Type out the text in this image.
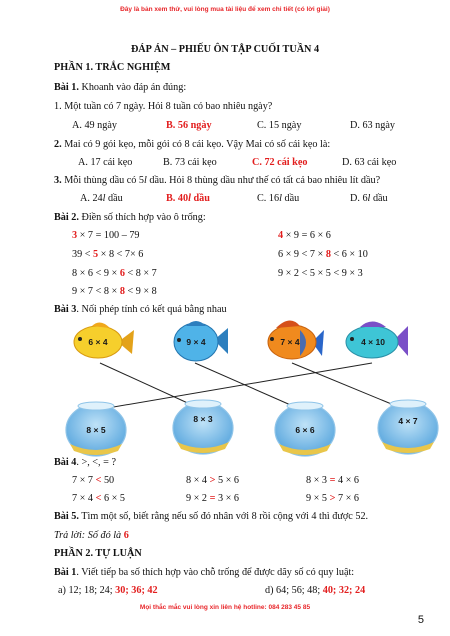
Đây là bản xem thử, vui lòng mua tài liệu để xem chi tiết (có lời giải)
ĐÁP ÁN – PHIẾU ÔN TẬP CUỐI TUẦN 4
PHẦN 1. TRẮC NGHIỆM
Bài 1. Khoanh vào đáp án đúng:
1. Một tuần có 7 ngày. Hỏi 8 tuần có bao nhiêu ngày?
A. 49 ngày	B. 56 ngày	C. 15 ngày	D. 63 ngày
2. Mai có 9 gói kẹo, mỗi gói có 8 cái kẹo. Vậy Mai có số cái kẹo là:
A. 17 cái kẹo	B. 73 cái kẹo	C. 72 cái kẹo	D. 63 cái kẹo
3. Mỗi thùng dầu có 5l dầu. Hỏi 8 thùng dầu như thế có tất cả bao nhiêu lít dầu?
A. 24l dầu	B. 40l dầu	C. 16l dầu	D. 6l dầu
Bài 2. Điền số thích hợp vào ô trống:
3 × 7 = 100 – 79	4 × 9 = 6 × 6
39 < 5 × 8 < 7× 6	6 × 9 < 7 × 8 < 6 × 10
8 × 6 < 9 × 6 < 8 × 7	9 × 2 < 5 × 5 < 9 × 3
9 × 7 < 8 × 8 < 9 × 8
Bài 3. Nối phép tính có kết quả bằng nhau
6 × 4	9 × 4	7 × 4	4 × 10
8 × 5
8 × 3
6 × 6
4 × 7
Bài 4. >, <, = ?
7 × 7 < 50	8 × 4 > 5 × 6	8 × 3 = 4 × 6
7 × 4 < 6 × 5	9 × 2 = 3 × 6	9 × 5 > 7 × 6
Bài 5. Tìm một số, biết rằng nếu số đó nhân với 8 rồi cộng với 4 thì được 52.
Trả lời: Số đó là 6
PHẦN 2. TỰ LUẬN
Bài 1. Viết tiếp ba số thích hợp vào chỗ trống để được dãy số có quy luật:
a) 12; 18; 24; 30; 36; 42	d) 64; 56; 48; 40; 32; 24
Mọi thắc mắc vui lòng xin liên hệ hotline: 084 283 45 85
5
